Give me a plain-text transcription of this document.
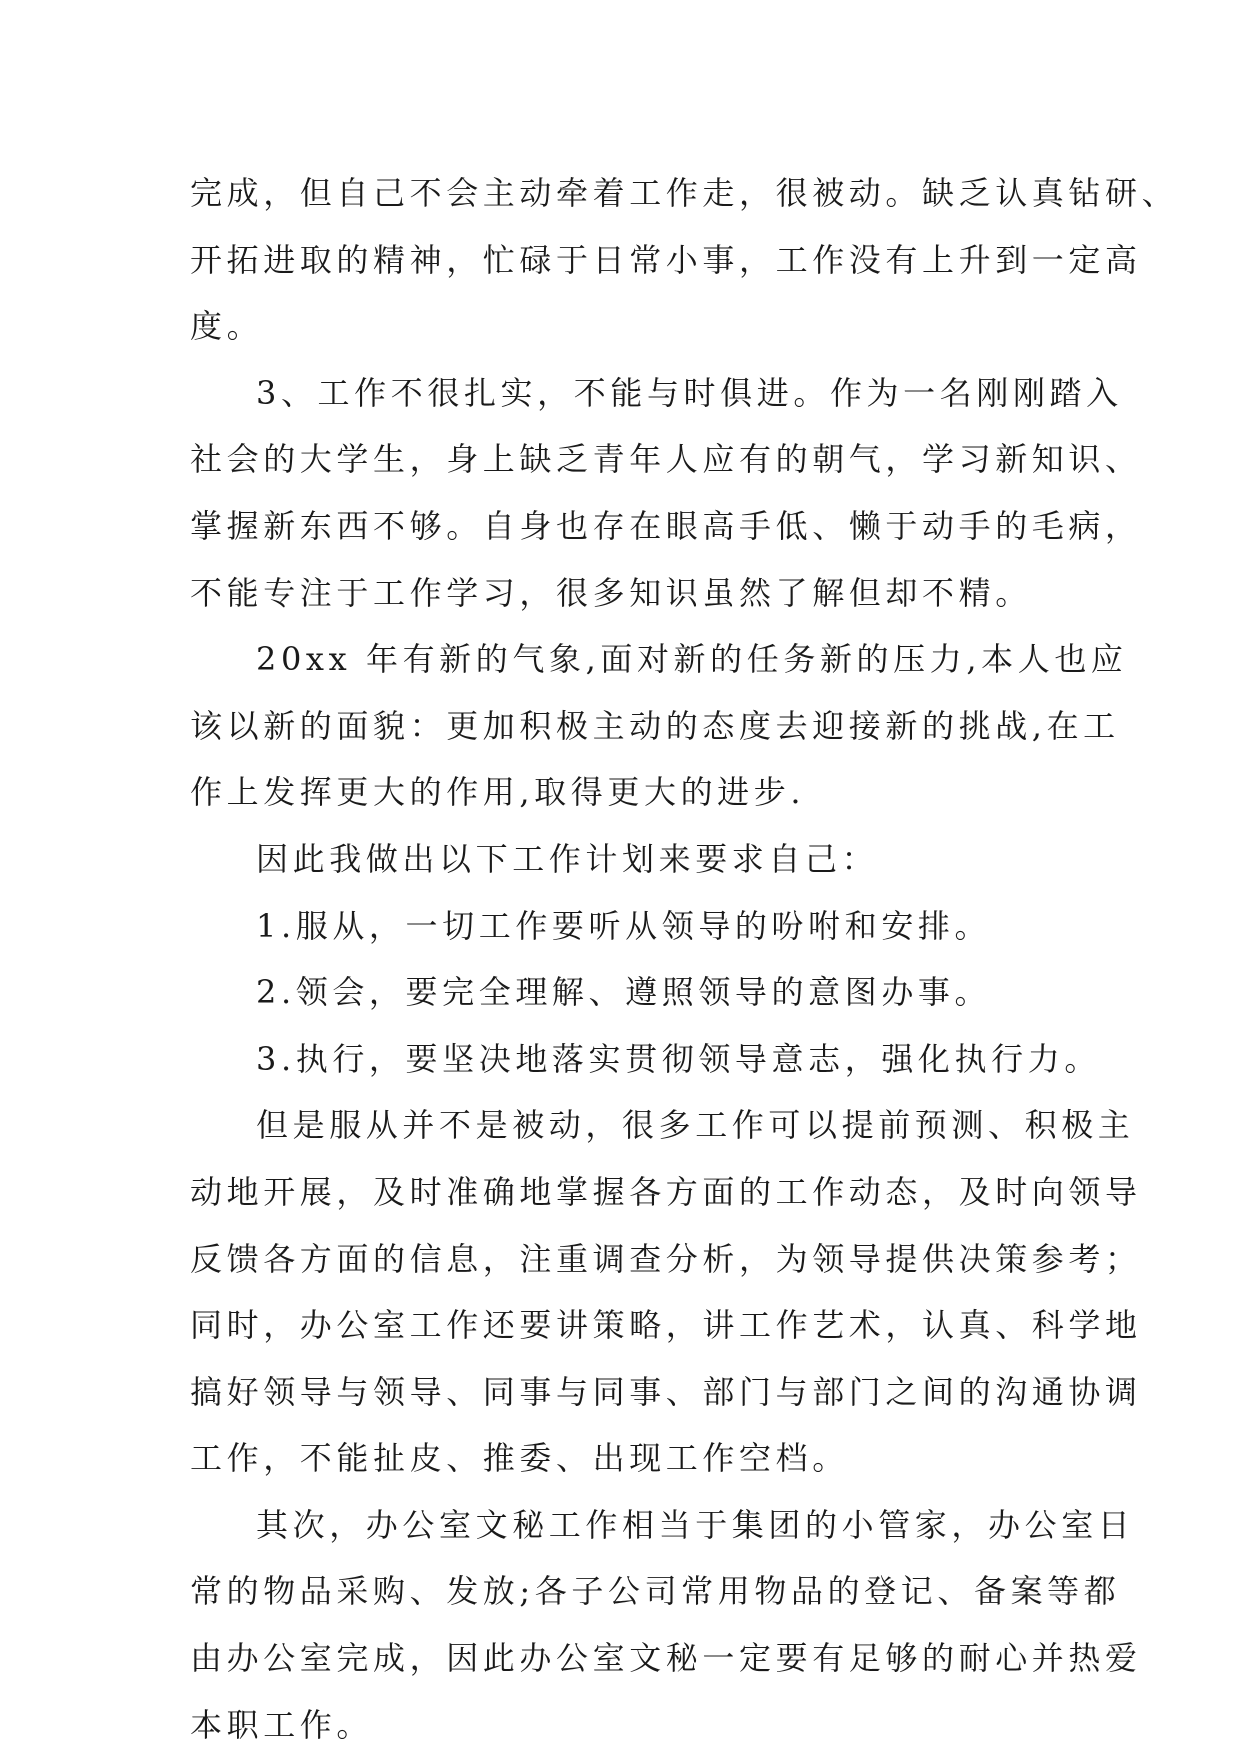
完成，但自己不会主动牵着工作走，很被动。缺乏认真钻研、
开拓进取的精神，忙碌于日常小事，工作没有上升到一定高
度。
3、工作不很扎实，不能与时俱进。作为一名刚刚踏入
社会的大学生，身上缺乏青年人应有的朝气，学习新知识、
掌握新东西不够。自身也存在眼高手低、懒于动手的毛病，
不能专注于工作学习，很多知识虽然了解但却不精。
20xx 年有新的气象,面对新的任务新的压力,本人也应
该以新的面貌：更加积极主动的态度去迎接新的挑战,在工
作上发挥更大的作用,取得更大的进步.
因此我做出以下工作计划来要求自己：
1.服从，一切工作要听从领导的吩咐和安排。
2.领会，要完全理解、遵照领导的意图办事。
3.执行，要坚决地落实贯彻领导意志，强化执行力。
但是服从并不是被动，很多工作可以提前预测、积极主
动地开展，及时准确地掌握各方面的工作动态，及时向领导
反馈各方面的信息，注重调查分析，为领导提供决策参考；
同时，办公室工作还要讲策略，讲工作艺术，认真、科学地
搞好领导与领导、同事与同事、部门与部门之间的沟通协调
工作，不能扯皮、推委、出现工作空档。
其次，办公室文秘工作相当于集团的小管家，办公室日
常的物品采购、发放;各子公司常用物品的登记、备案等都
由办公室完成，因此办公室文秘一定要有足够的耐心并热爱
本职工作。
